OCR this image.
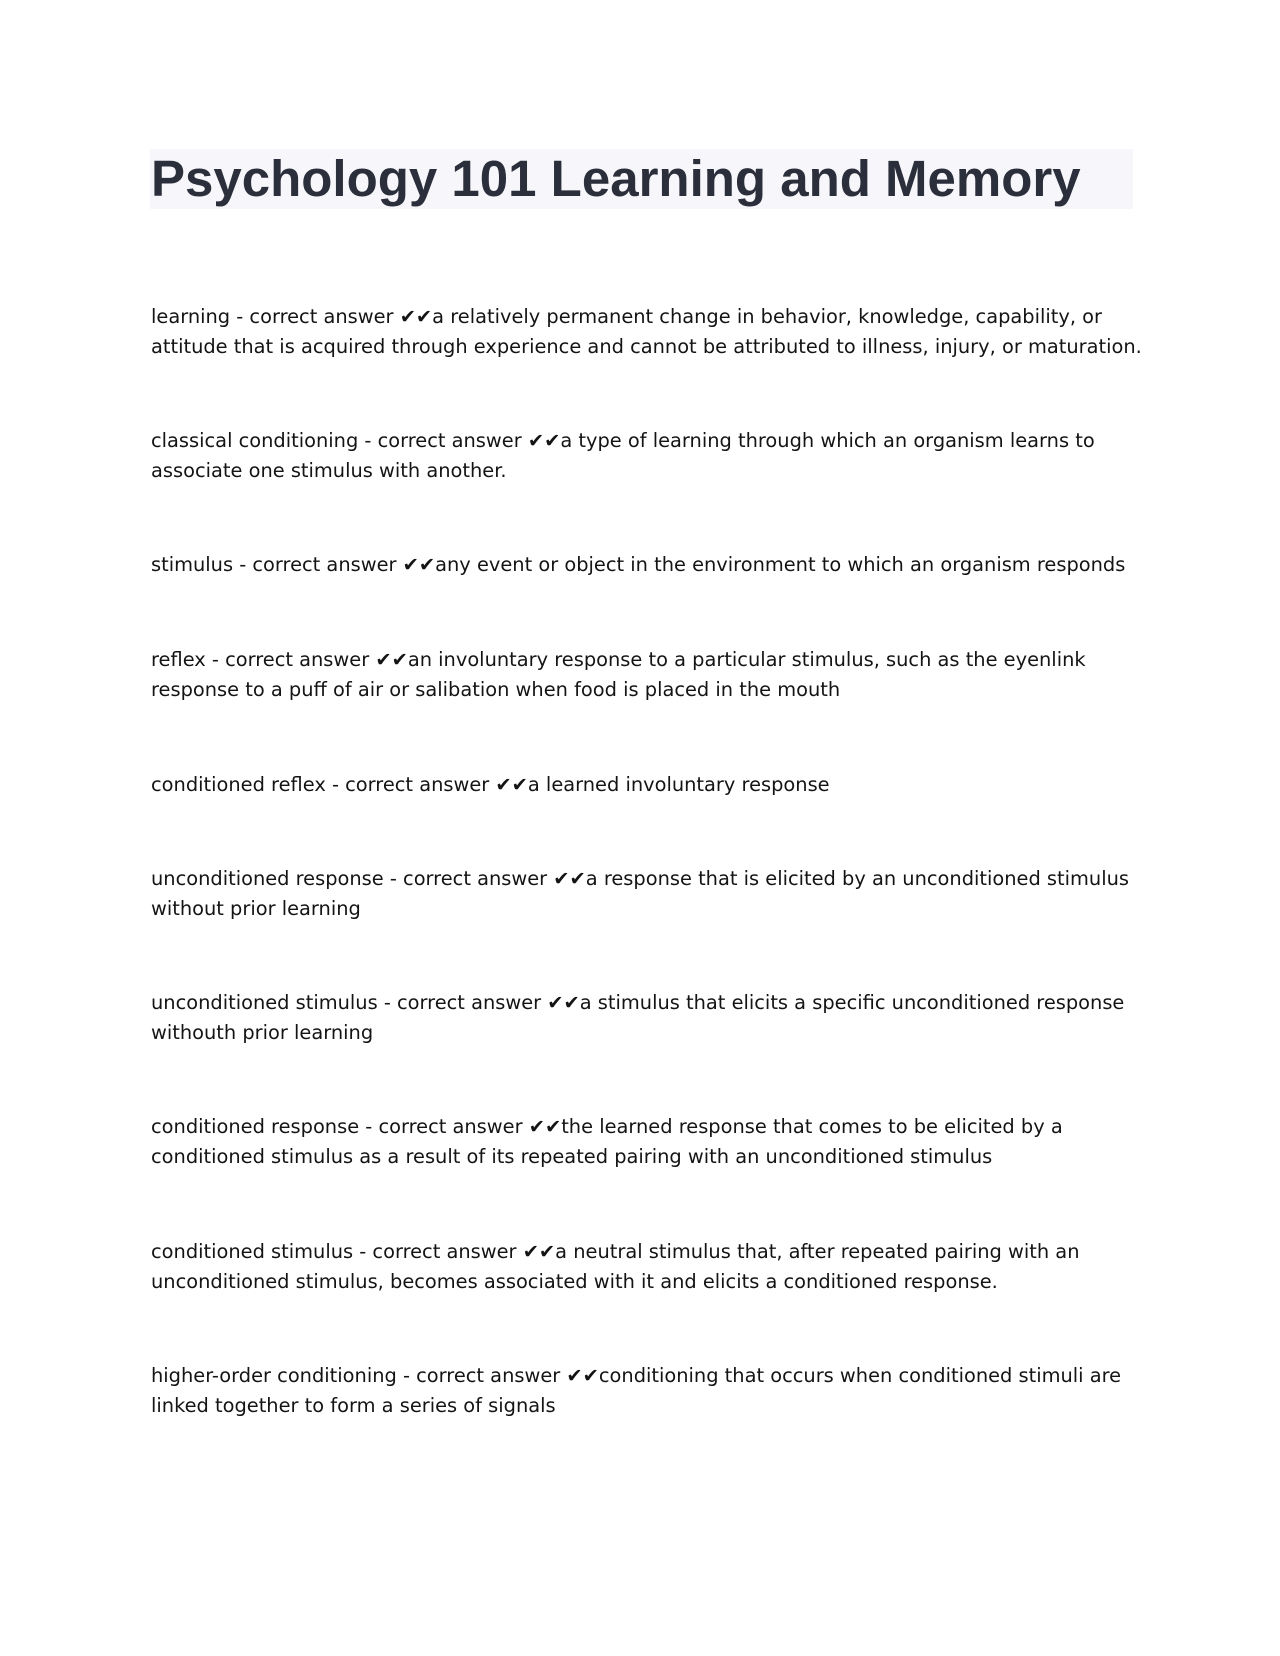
Psychology 101 Learning and Memory

learning - correct answer ✔✔a relatively permanent change in behavior, knowledge, capability, or
attitude that is acquired through experience and cannot be attributed to illness, injury, or maturation.

classical conditioning - correct answer ✔✔a type of learning through which an organism learns to
associate one stimulus with another.

stimulus - correct answer ✔✔any event or object in the environment to which an organism responds

reflex - correct answer ✔✔an involuntary response to a particular stimulus, such as the eyenlink
response to a puff of air or salibation when food is placed in the mouth

conditioned reflex - correct answer ✔✔a learned involuntary response

unconditioned response - correct answer ✔✔a response that is elicited by an unconditioned stimulus
without prior learning

unconditioned stimulus - correct answer ✔✔a stimulus that elicits a specific unconditioned response
withouth prior learning

conditioned response - correct answer ✔✔the learned response that comes to be elicited by a
conditioned stimulus as a result of its repeated pairing with an unconditioned stimulus

conditioned stimulus - correct answer ✔✔a neutral stimulus that, after repeated pairing with an
unconditioned stimulus, becomes associated with it and elicits a conditioned response.

higher-order conditioning - correct answer ✔✔conditioning that occurs when conditioned stimuli are
linked together to form a series of signals
